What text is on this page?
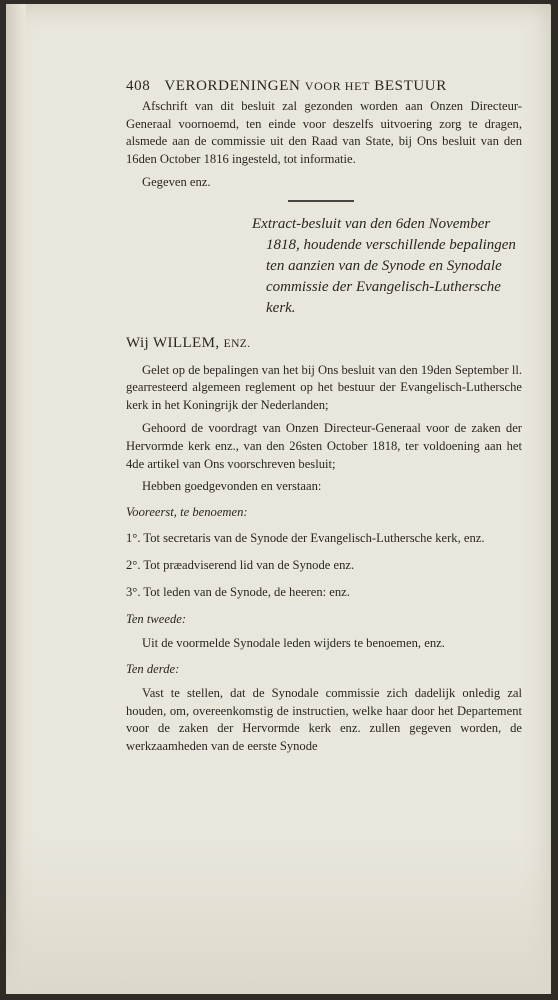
408 VERORDENINGEN VOOR HET BESTUUR

Afschrift van dit besluit zal gezonden worden aan Onzen Directeur-Generaal voornoemd, ten einde voor deszelfs uitvoering zorg te dragen, alsmede aan de commissie uit den Raad van State, bij Ons besluit van den 16den October 1816 ingesteld, tot informatie.

Gegeven enz.

Extract-besluit van den 6den November 1818, houdende verschillende bepalingen ten aanzien van de Synode en Synodale commissie der Evangelisch-Luthersche kerk.
Wij WILLEM, ENZ.

Gelet op de bepalingen van het bij Ons besluit van den 19den September ll. gearresteerd algemeen reglement op het bestuur der Evangelisch-Luthersche kerk in het Koningrijk der Nederlanden;

Gehoord de voordragt van Onzen Directeur-Generaal voor de zaken der Hervormde kerk enz., van den 26sten October 1818, ter voldoening aan het 4de artikel van Ons voorschreven besluit;

Hebben goedgevonden en verstaan:

Vooreerst, te benoemen:

1°. Tot secretaris van de Synode der Evangelisch-Luthersche kerk, enz.

2°. Tot præadviserend lid van de Synode enz.

3°. Tot leden van de Synode, de heeren: enz.

Ten tweede:

Uit de voormelde Synodale leden wijders te benoemen, enz.

Ten derde:

Vast te stellen, dat de Synodale commissie zich dadelijk onledig zal houden, om, overeenkomstig de instructien, welke haar door het Departement voor de zaken der Hervormde kerk enz. zullen gegeven worden, de werkzaamheden van de eerste Synode
